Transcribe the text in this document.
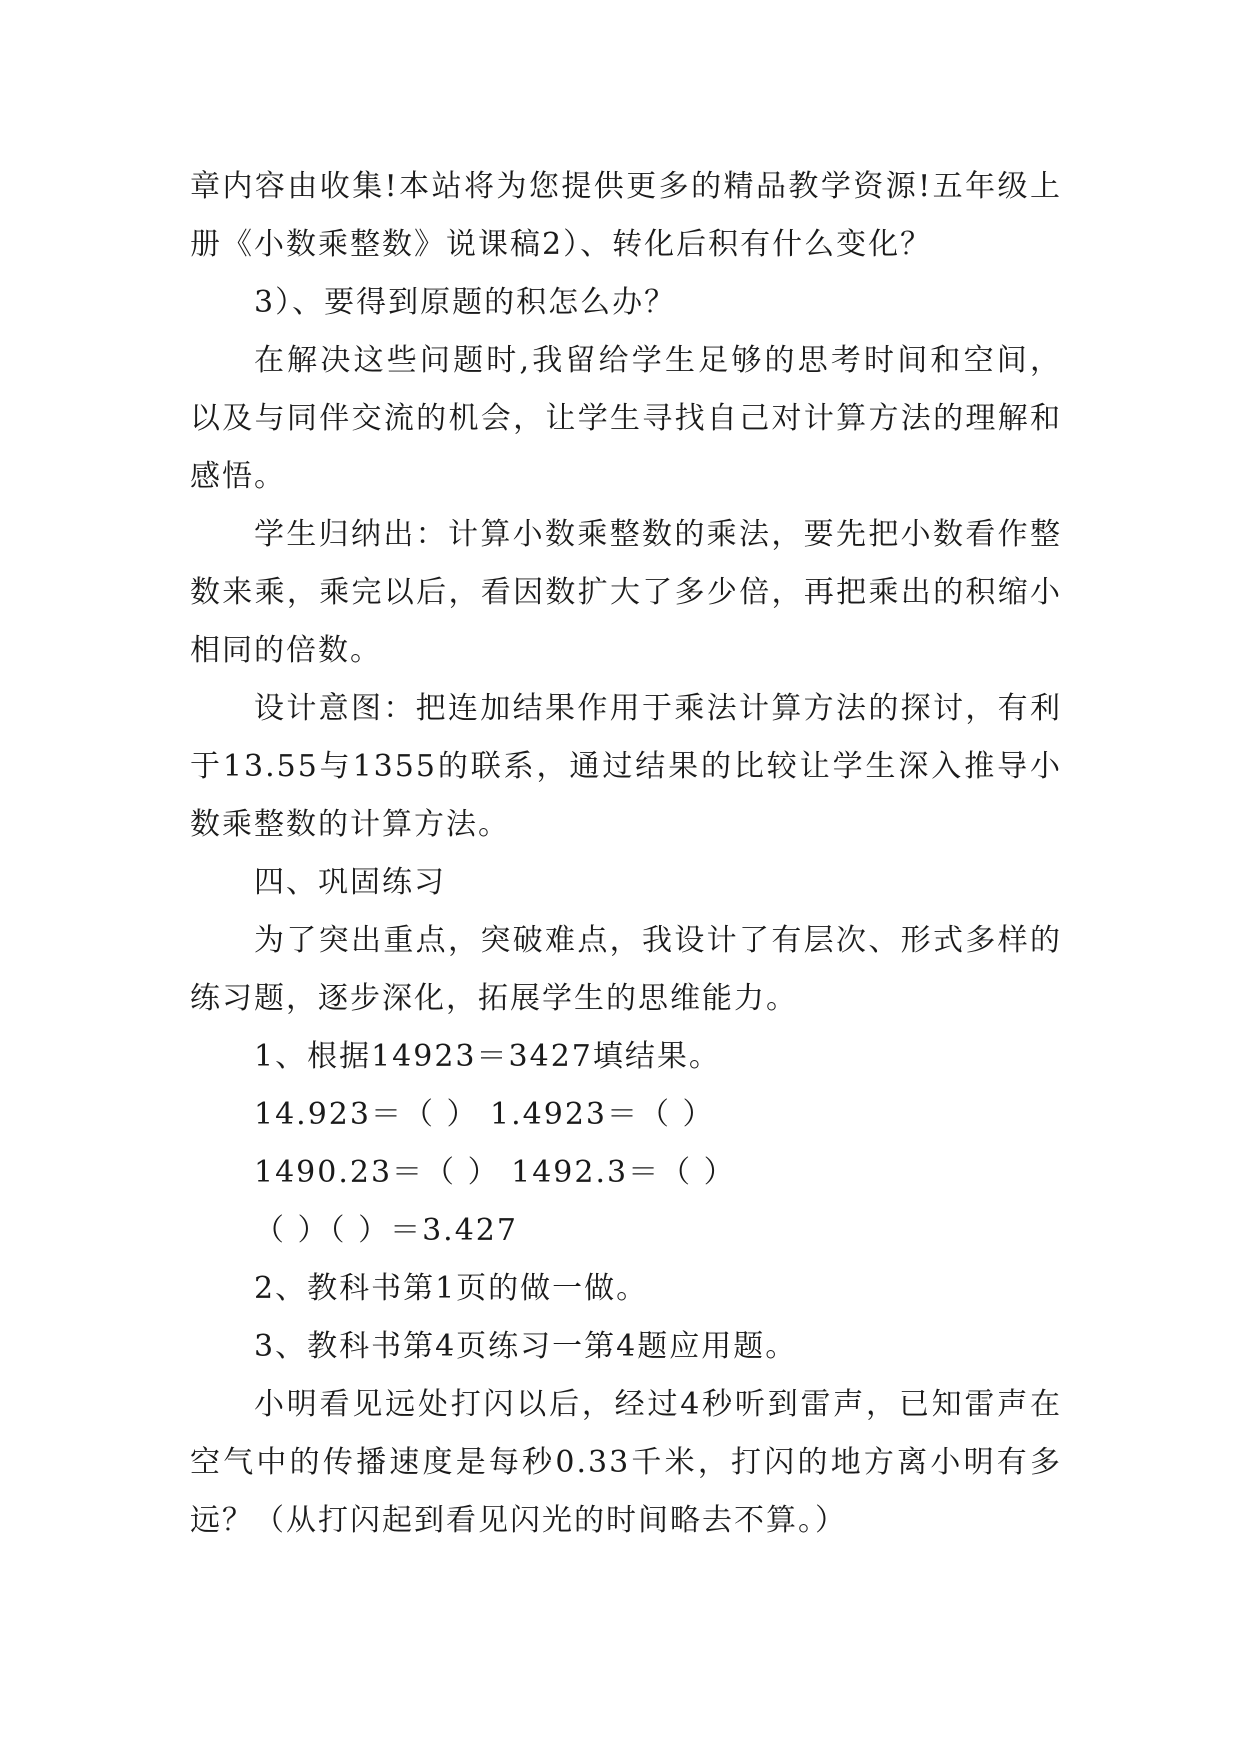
章内容由收集!本站将为您提供更多的精品教学资源!五年级上册《小数乘整数》说课稿2）、转化后积有什么变化？

3）、要得到原题的积怎么办？

在解决这些问题时,我留给学生足够的思考时间和空间，以及与同伴交流的机会，让学生寻找自己对计算方法的理解和感悟。

学生归纳出：计算小数乘整数的乘法，要先把小数看作整数来乘，乘完以后，看因数扩大了多少倍，再把乘出的积缩小相同的倍数。

设计意图：把连加结果作用于乘法计算方法的探讨，有利于13.55与1355的联系，通过结果的比较让学生深入推导小数乘整数的计算方法。

四、巩固练习

为了突出重点，突破难点，我设计了有层次、形式多样的练习题，逐步深化，拓展学生的思维能力。

1、根据14923＝3427填结果。

14.923＝（ ） 1.4923＝（ ）

1490.23＝（ ） 1492.3＝（ ）

（ ）（ ）＝3.427

2、教科书第1页的做一做。

3、教科书第4页练习一第4题应用题。

小明看见远处打闪以后，经过4秒听到雷声，已知雷声在空气中的传播速度是每秒0.33千米，打闪的地方离小明有多远？（从打闪起到看见闪光的时间略去不算。）
